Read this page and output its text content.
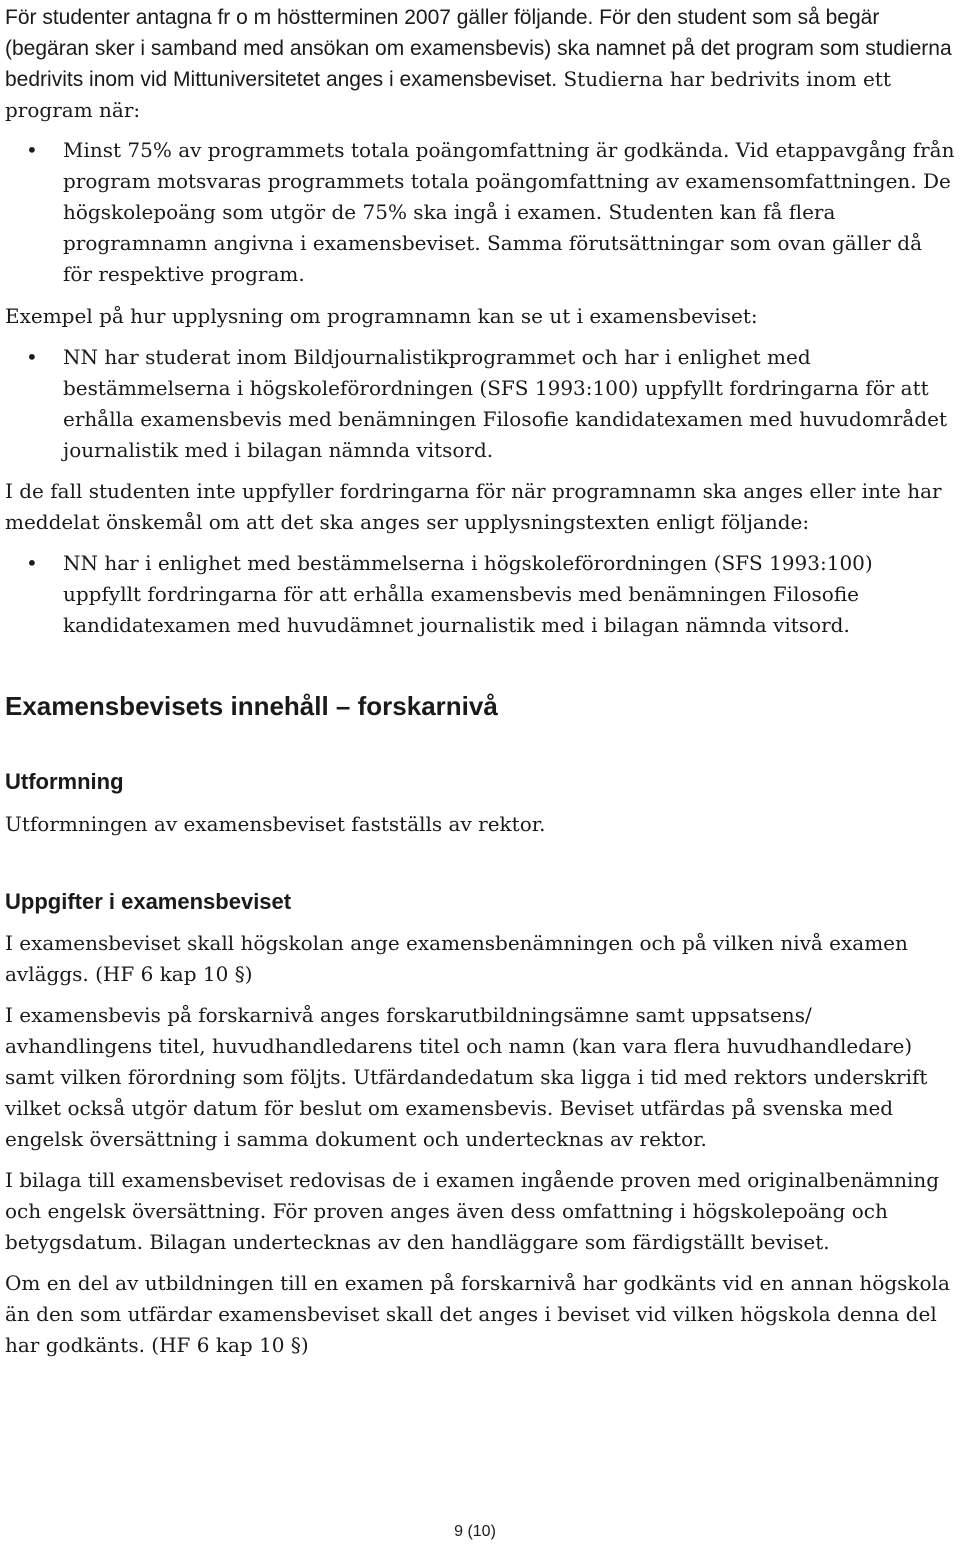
För studenter antagna fr o m höstterminen 2007 gäller följande. För den student som så begär (begäran sker i samband med ansökan om examensbevis) ska namnet på det program som studierna bedrivits inom vid Mittuniversitetet anges i examensbeviset. Studierna har bedrivits inom ett program när:

• Minst 75% av programmets totala poängomfattning är godkända. Vid etappavgång från program motsvaras programmets totala poängomfattning av examensomfattningen. De högskolepoäng som utgör de 75% ska ingå i examen. Studenten kan få flera programnamn angivna i examensbeviset. Samma förutsättningar som ovan gäller då för respektive program.

Exempel på hur upplysning om programnamn kan se ut i examensbeviset:

• NN har studerat inom Bildjournalistikprogrammet och har i enlighet med bestämmelserna i högskoleförordningen (SFS 1993:100) uppfyllt fordringarna för att erhålla examensbevis med benämningen Filosofie kandidatexamen med huvudområdet journalistik med i bilagan nämnda vitsord.

I de fall studenten inte uppfyller fordringarna för när programnamn ska anges eller inte har meddelat önskemål om att det ska anges ser upplysningstexten enligt följande:

• NN har i enlighet med bestämmelserna i högskoleförordningen (SFS 1993:100) uppfyllt fordringarna för att erhålla examensbevis med benämningen Filosofie kandidatexamen med huvudämnet journalistik med i bilagan nämnda vitsord.
Examensbevisets innehåll – forskarnivå
Utformning

Utformningen av examensbeviset fastställs av rektor.

Uppgifter i examensbeviset

I examensbeviset skall högskolan ange examensbenämningen och på vilken nivå examen avläggs. (HF 6 kap 10 §)

I examensbevis på forskarnivå anges forskarutbildningsämne samt uppsatsens/ avhandlingens titel, huvudhandledarens titel och namn (kan vara flera huvudhandledare) samt vilken förordning som följts. Utfärdandedatum ska ligga i tid med rektors underskrift vilket också utgör datum för beslut om examensbevis. Beviset utfärdas på svenska med engelsk översättning i samma dokument och undertecknas av rektor.

I bilaga till examensbeviset redovisas de i examen ingående proven med originalbenämning och engelsk översättning. För proven anges även dess omfattning i högskolepoäng och betygsdatum. Bilagan undertecknas av den handläggare som färdigställt beviset.

Om en del av utbildningen till en examen på forskarnivå har godkänts vid en annan högskola än den som utfärdar examensbeviset skall det anges i beviset vid vilken högskola denna del har godkänts. (HF 6 kap 10 §)

9 (10)
